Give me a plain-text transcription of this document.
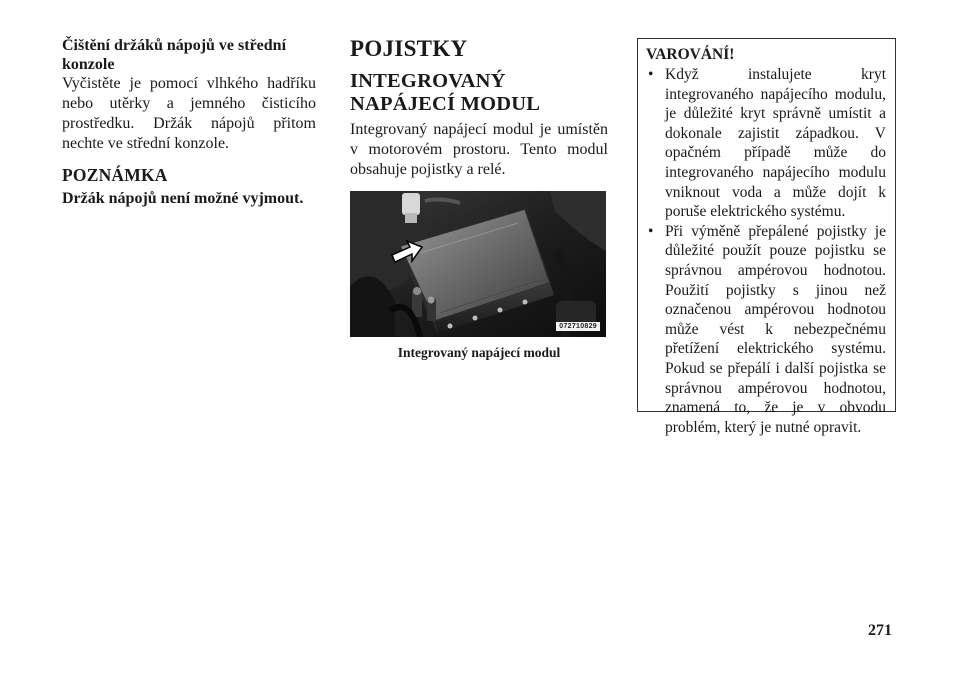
Čištění držáků nápojů ve střední konzole

Vyčistěte je pomocí vlhkého hadříku nebo utěrky a jemného čisticího prostředku. Držák nápojů přitom nechte ve střední konzole.

POZNÁMKA

Držák nápojů není možné vyjmout.

POJISTKY

INTEGROVANÝ NAPÁJECÍ MODUL

Integrovaný napájecí modul je umístěn v motorovém prostoru. Tento modul obsahuje pojistky a relé.

072710829

Integrovaný napájecí modul

VAROVÁNÍ!

• Když instalujete kryt integrovaného napájecího modulu, je důležité kryt správně umístit a dokonale zajistit západkou. V opačném případě může do integrovaného napájecího modulu vniknout voda a může dojít k poruše elektrického systému.

• Při výměně přepálené pojistky je důležité použít pouze pojistku se správnou ampérovou hodnotou. Použití pojistky s jinou než označenou ampérovou hodnotou může vést k nebezpečnému přetížení elektrického systému. Pokud se přepálí i další pojistka se správnou ampérovou hodnotou, znamená to, že je v obvodu problém, který je nutné opravit.

271
